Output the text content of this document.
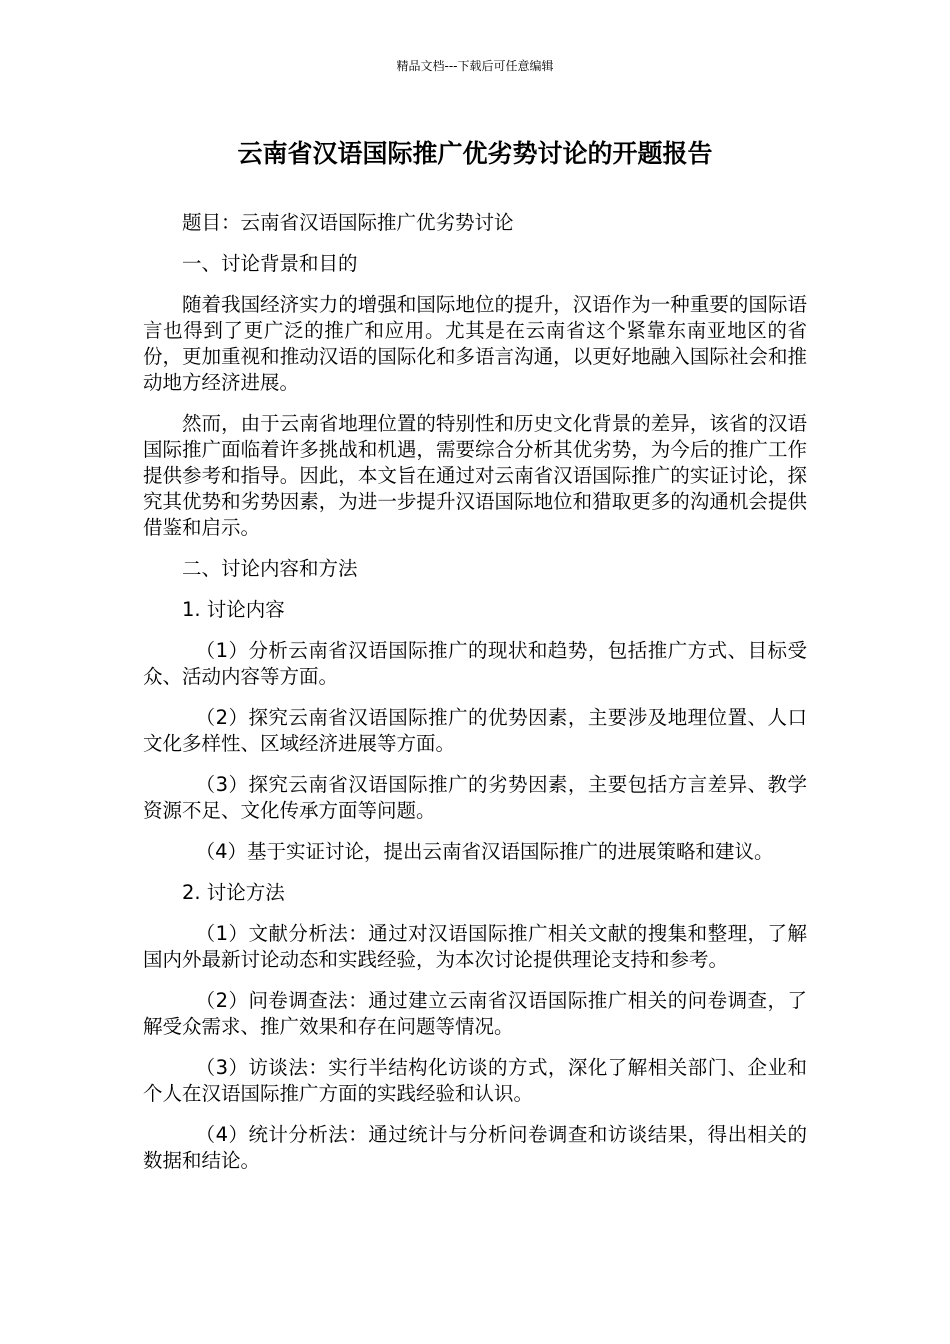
精品文档---下载后可任意编辑
云南省汉语国际推广优劣势讨论的开题报告

题目：云南省汉语国际推广优劣势讨论

一、讨论背景和目的

随着我国经济实力的增强和国际地位的提升，汉语作为一种重要的国际语言也得到了更广泛的推广和应用。尤其是在云南省这个紧靠东南亚地区的省份，更加重视和推动汉语的国际化和多语言沟通，以更好地融入国际社会和推动地方经济进展。

然而，由于云南省地理位置的特别性和历史文化背景的差异，该省的汉语国际推广面临着许多挑战和机遇，需要综合分析其优劣势，为今后的推广工作提供参考和指导。因此，本文旨在通过对云南省汉语国际推广的实证讨论，探究其优势和劣势因素，为进一步提升汉语国际地位和猎取更多的沟通机会提供借鉴和启示。

二、讨论内容和方法

1. 讨论内容

（1）分析云南省汉语国际推广的现状和趋势，包括推广方式、目标受众、活动内容等方面。

（2）探究云南省汉语国际推广的优势因素，主要涉及地理位置、人口文化多样性、区域经济进展等方面。

（3）探究云南省汉语国际推广的劣势因素，主要包括方言差异、教学资源不足、文化传承方面等问题。

（4）基于实证讨论，提出云南省汉语国际推广的进展策略和建议。

2. 讨论方法

（1）文献分析法：通过对汉语国际推广相关文献的搜集和整理，了解国内外最新讨论动态和实践经验，为本次讨论提供理论支持和参考。

（2）问卷调查法：通过建立云南省汉语国际推广相关的问卷调查，了解受众需求、推广效果和存在问题等情况。

（3）访谈法：实行半结构化访谈的方式，深化了解相关部门、企业和个人在汉语国际推广方面的实践经验和认识。

（4）统计分析法：通过统计与分析问卷调查和访谈结果，得出相关的数据和结论。
